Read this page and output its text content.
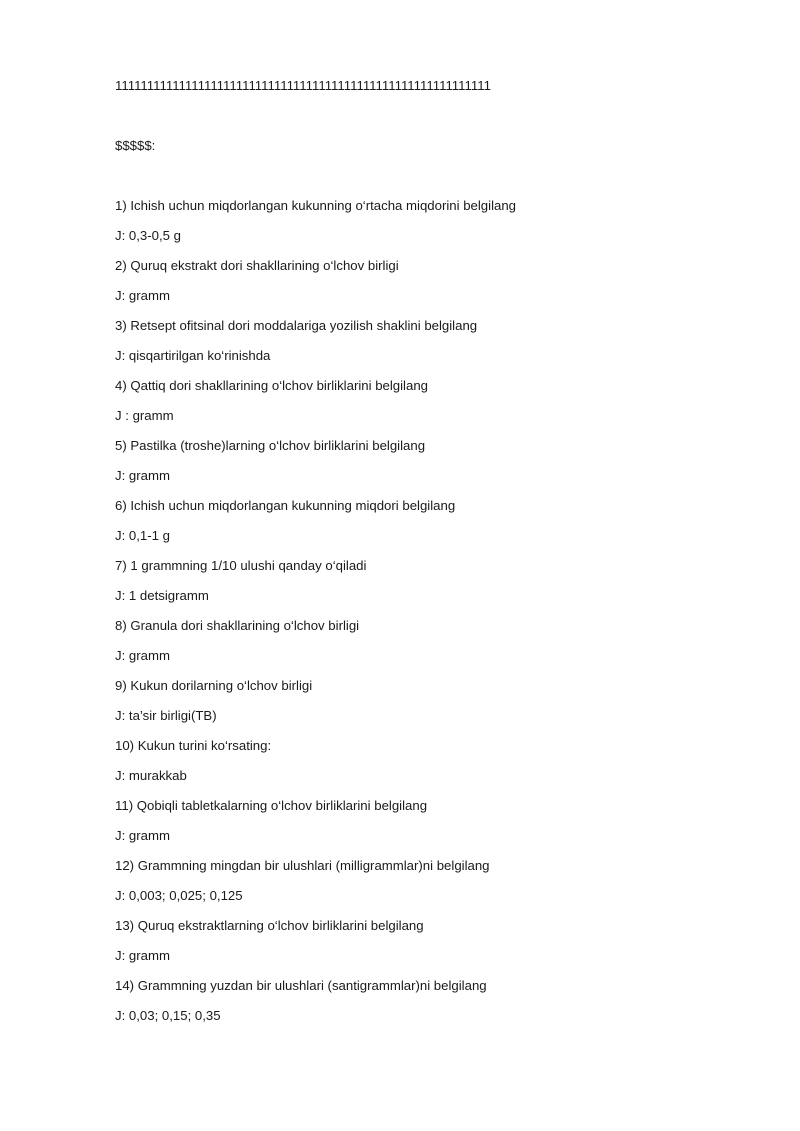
11111111111111111111111111111111111111111111111111111111111
$$$$$:
1) Ichish uchun miqdorlangan kukunning o‘rtacha miqdorini belgilang
J: 0,3-0,5 g
2) Quruq ekstrakt dori shakllarining o‘lchov birligi
J: gramm
3) Retsept ofitsinal dori moddalariga yozilish shaklini belgilang
J: qisqartirilgan ko‘rinishda
4) Qattiq dori shakllarining o‘lchov birliklarini belgilang
J : gramm
5) Pastilka (troshe)larning o‘lchov birliklarini belgilang
J: gramm
6) Ichish uchun miqdorlangan kukunning miqdori belgilang
J: 0,1-1 g
7) 1 grammning 1/10 ulushi qanday o‘qiladi
J: 1 detsigramm
8) Granula dori shakllarining o‘lchov birligi
J: gramm
9) Kukun dorilarning o‘lchov birligi
J: ta’sir birligi(TB)
10) Kukun turini ko‘rsating:
J: murakkab
11) Qobiqli tabletkalarning o‘lchov birliklarini belgilang
J: gramm
12) Grammning mingdan bir ulushlari (milligrammlar)ni belgilang
J: 0,003; 0,025; 0,125
13) Quruq ekstraktlarning o‘lchov birliklarini belgilang
J: gramm
14) Grammning yuzdan bir ulushlari (santigrammlar)ni belgilang
J: 0,03; 0,15; 0,35
